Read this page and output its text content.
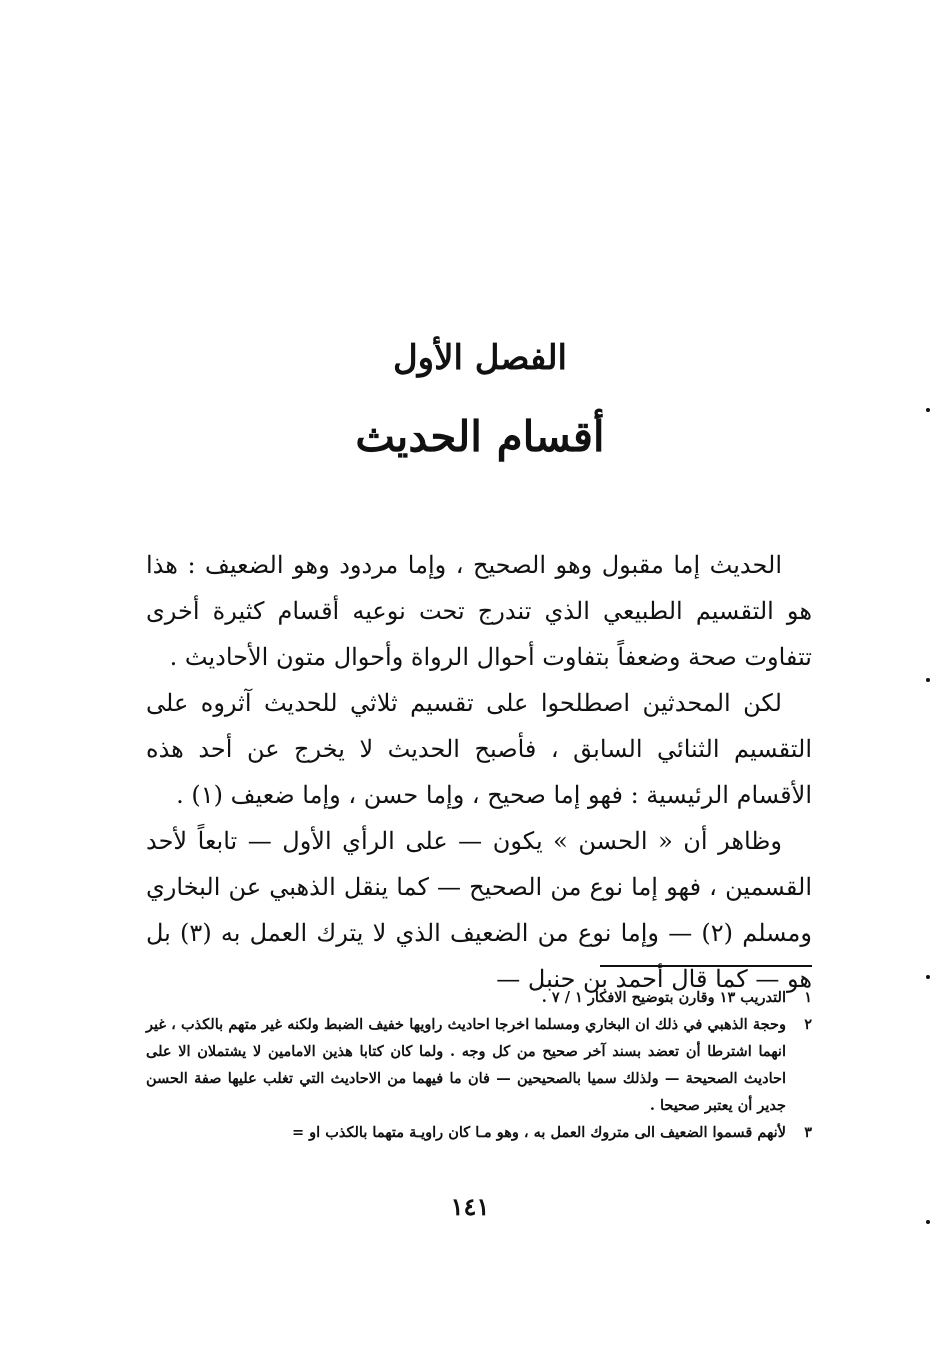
الفصل الأول
أقسام الحديث

الحديث إما مقبول وهو الصحيح ، وإما مردود وهو الضعيف : هذا هو التقسيم الطبيعي الذي تندرج تحت نوعيه أقسام كثيرة أخرى تتفاوت صحة وضعفاً بتفاوت أحوال الرواة وأحوال متون الأحاديث .

لكن المحدثين اصطلحوا على تقسيم ثلاثي للحديث آثروه على التقسيم الثنائي السابق ، فأصبح الحديث لا يخرج عن أحد هذه الأقسام الرئيسية : فهو إما صحيح ، وإما حسن ، وإما ضعيف (١) .

وظاهر أن « الحسن » يكون — على الرأي الأول — تابعاً لأحد القسمين ، فهو إما نوع من الصحيح — كما ينقل الذهبي عن البخاري ومسلم (٢) — وإما نوع من الضعيف الذي لا يترك العمل به (٣) بل هو — كما قال أحمد بن حنبل —

١
التدريب ١٣ وقارن بتوضيح الافكار ١ / ٧ .
٢
وحجة الذهبي في ذلك ان البخاري ومسلما اخرجا احاديث راويها خفيف الضبط ولكنه غير متهم بالكذب ، غير انهما اشترطا أن تعضد بسند آخر صحيح من كل وجه . ولما كان كتابا هذين الامامين لا يشتملان الا على احاديث الصحيحة — ولذلك سميا بالصحيحين — فان ما فيهما من الاحاديث التي تغلب عليها صفة الحسن جدير أن يعتبر صحيحا .
٣
لأنهم قسموا الضعيف الى متروك العمل به ، وهو مـا كان راويـة متهما بالكذب او =
١٤١
